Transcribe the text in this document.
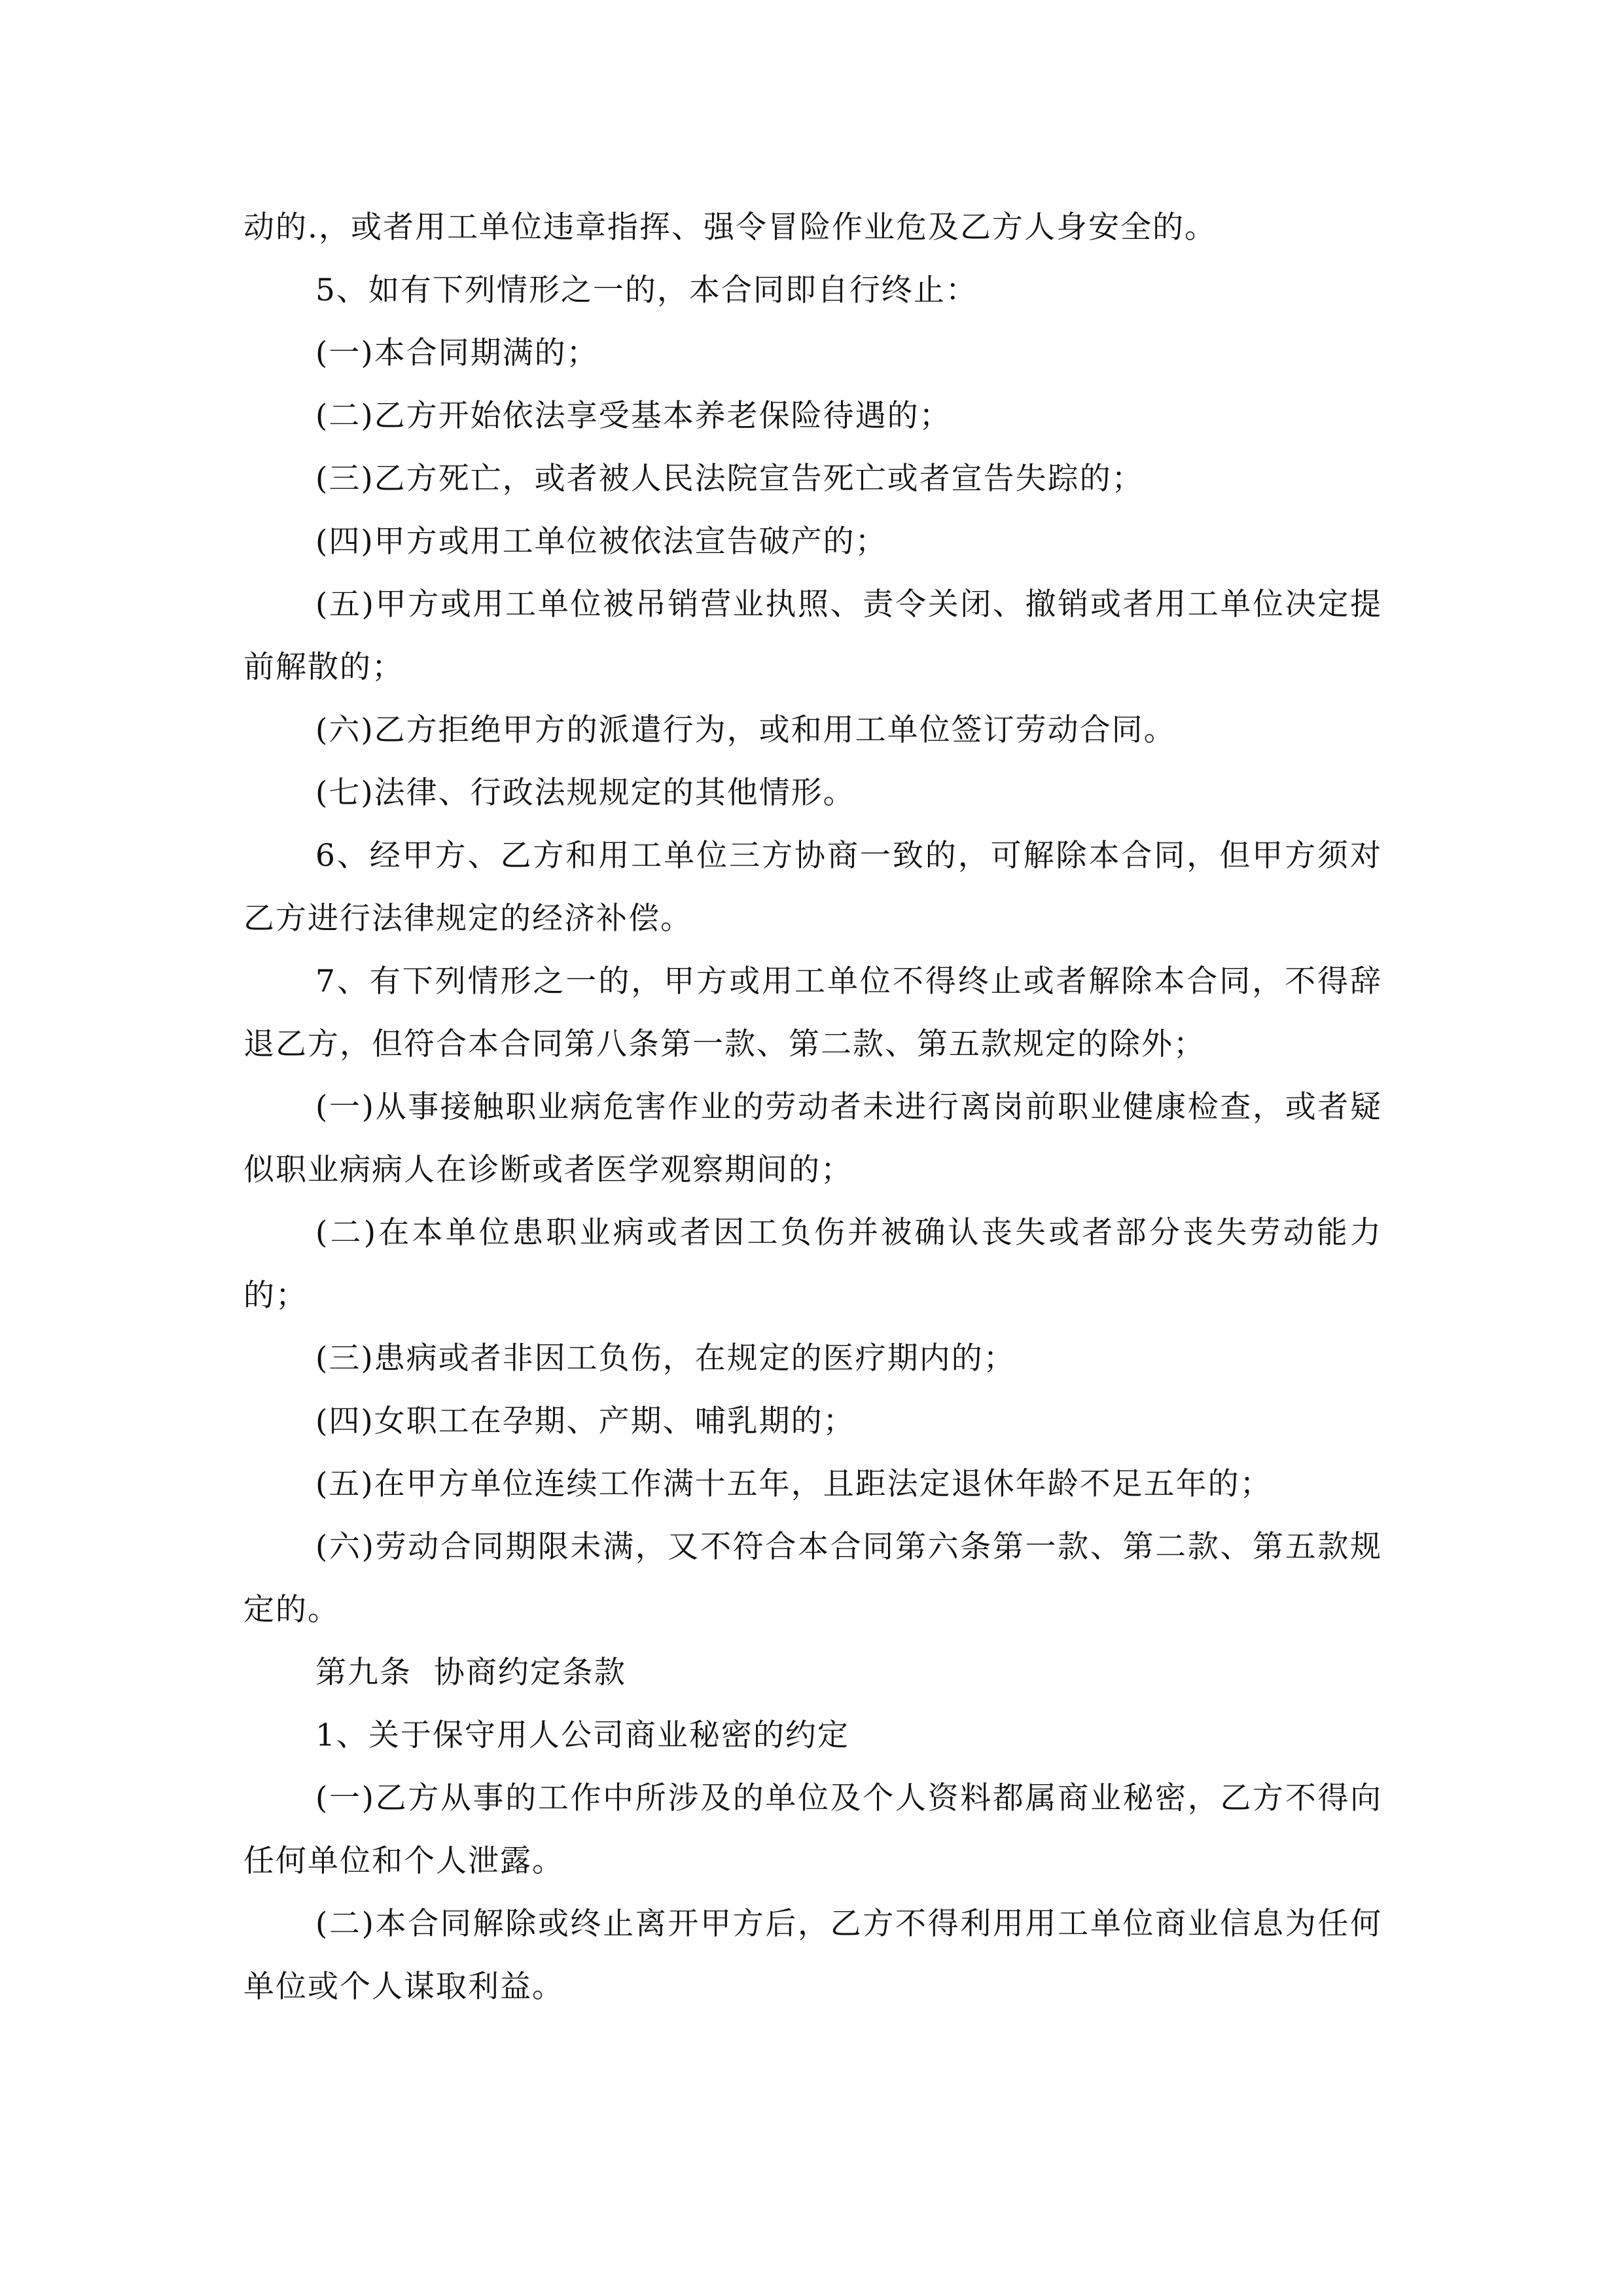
动的.，或者用工单位违章指挥、强令冒险作业危及乙方人身安全的。

5、如有下列情形之一的，本合同即自行终止：

(一)本合同期满的；

(二)乙方开始依法享受基本养老保险待遇的；

(三)乙方死亡，或者被人民法院宣告死亡或者宣告失踪的；

(四)甲方或用工单位被依法宣告破产的；

(五)甲方或用工单位被吊销营业执照、责令关闭、撤销或者用工单位决定提前解散的；

(六)乙方拒绝甲方的派遣行为，或和用工单位签订劳动合同。

(七)法律、行政法规规定的其他情形。

6、经甲方、乙方和用工单位三方协商一致的，可解除本合同，但甲方须对乙方进行法律规定的经济补偿。

7、有下列情形之一的，甲方或用工单位不得终止或者解除本合同，不得辞退乙方，但符合本合同第八条第一款、第二款、第五款规定的除外；

(一)从事接触职业病危害作业的劳动者未进行离岗前职业健康检查，或者疑似职业病病人在诊断或者医学观察期间的；

(二)在本单位患职业病或者因工负伤并被确认丧失或者部分丧失劳动能力的；

(三)患病或者非因工负伤，在规定的医疗期内的；

(四)女职工在孕期、产期、哺乳期的；

(五)在甲方单位连续工作满十五年，且距法定退休年龄不足五年的；

(六)劳动合同期限未满，又不符合本合同第六条第一款、第二款、第五款规定的。

第九条  协商约定条款

1、关于保守用人公司商业秘密的约定

(一)乙方从事的工作中所涉及的单位及个人资料都属商业秘密，乙方不得向任何单位和个人泄露。

(二)本合同解除或终止离开甲方后，乙方不得利用用工单位商业信息为任何单位或个人谋取利益。
